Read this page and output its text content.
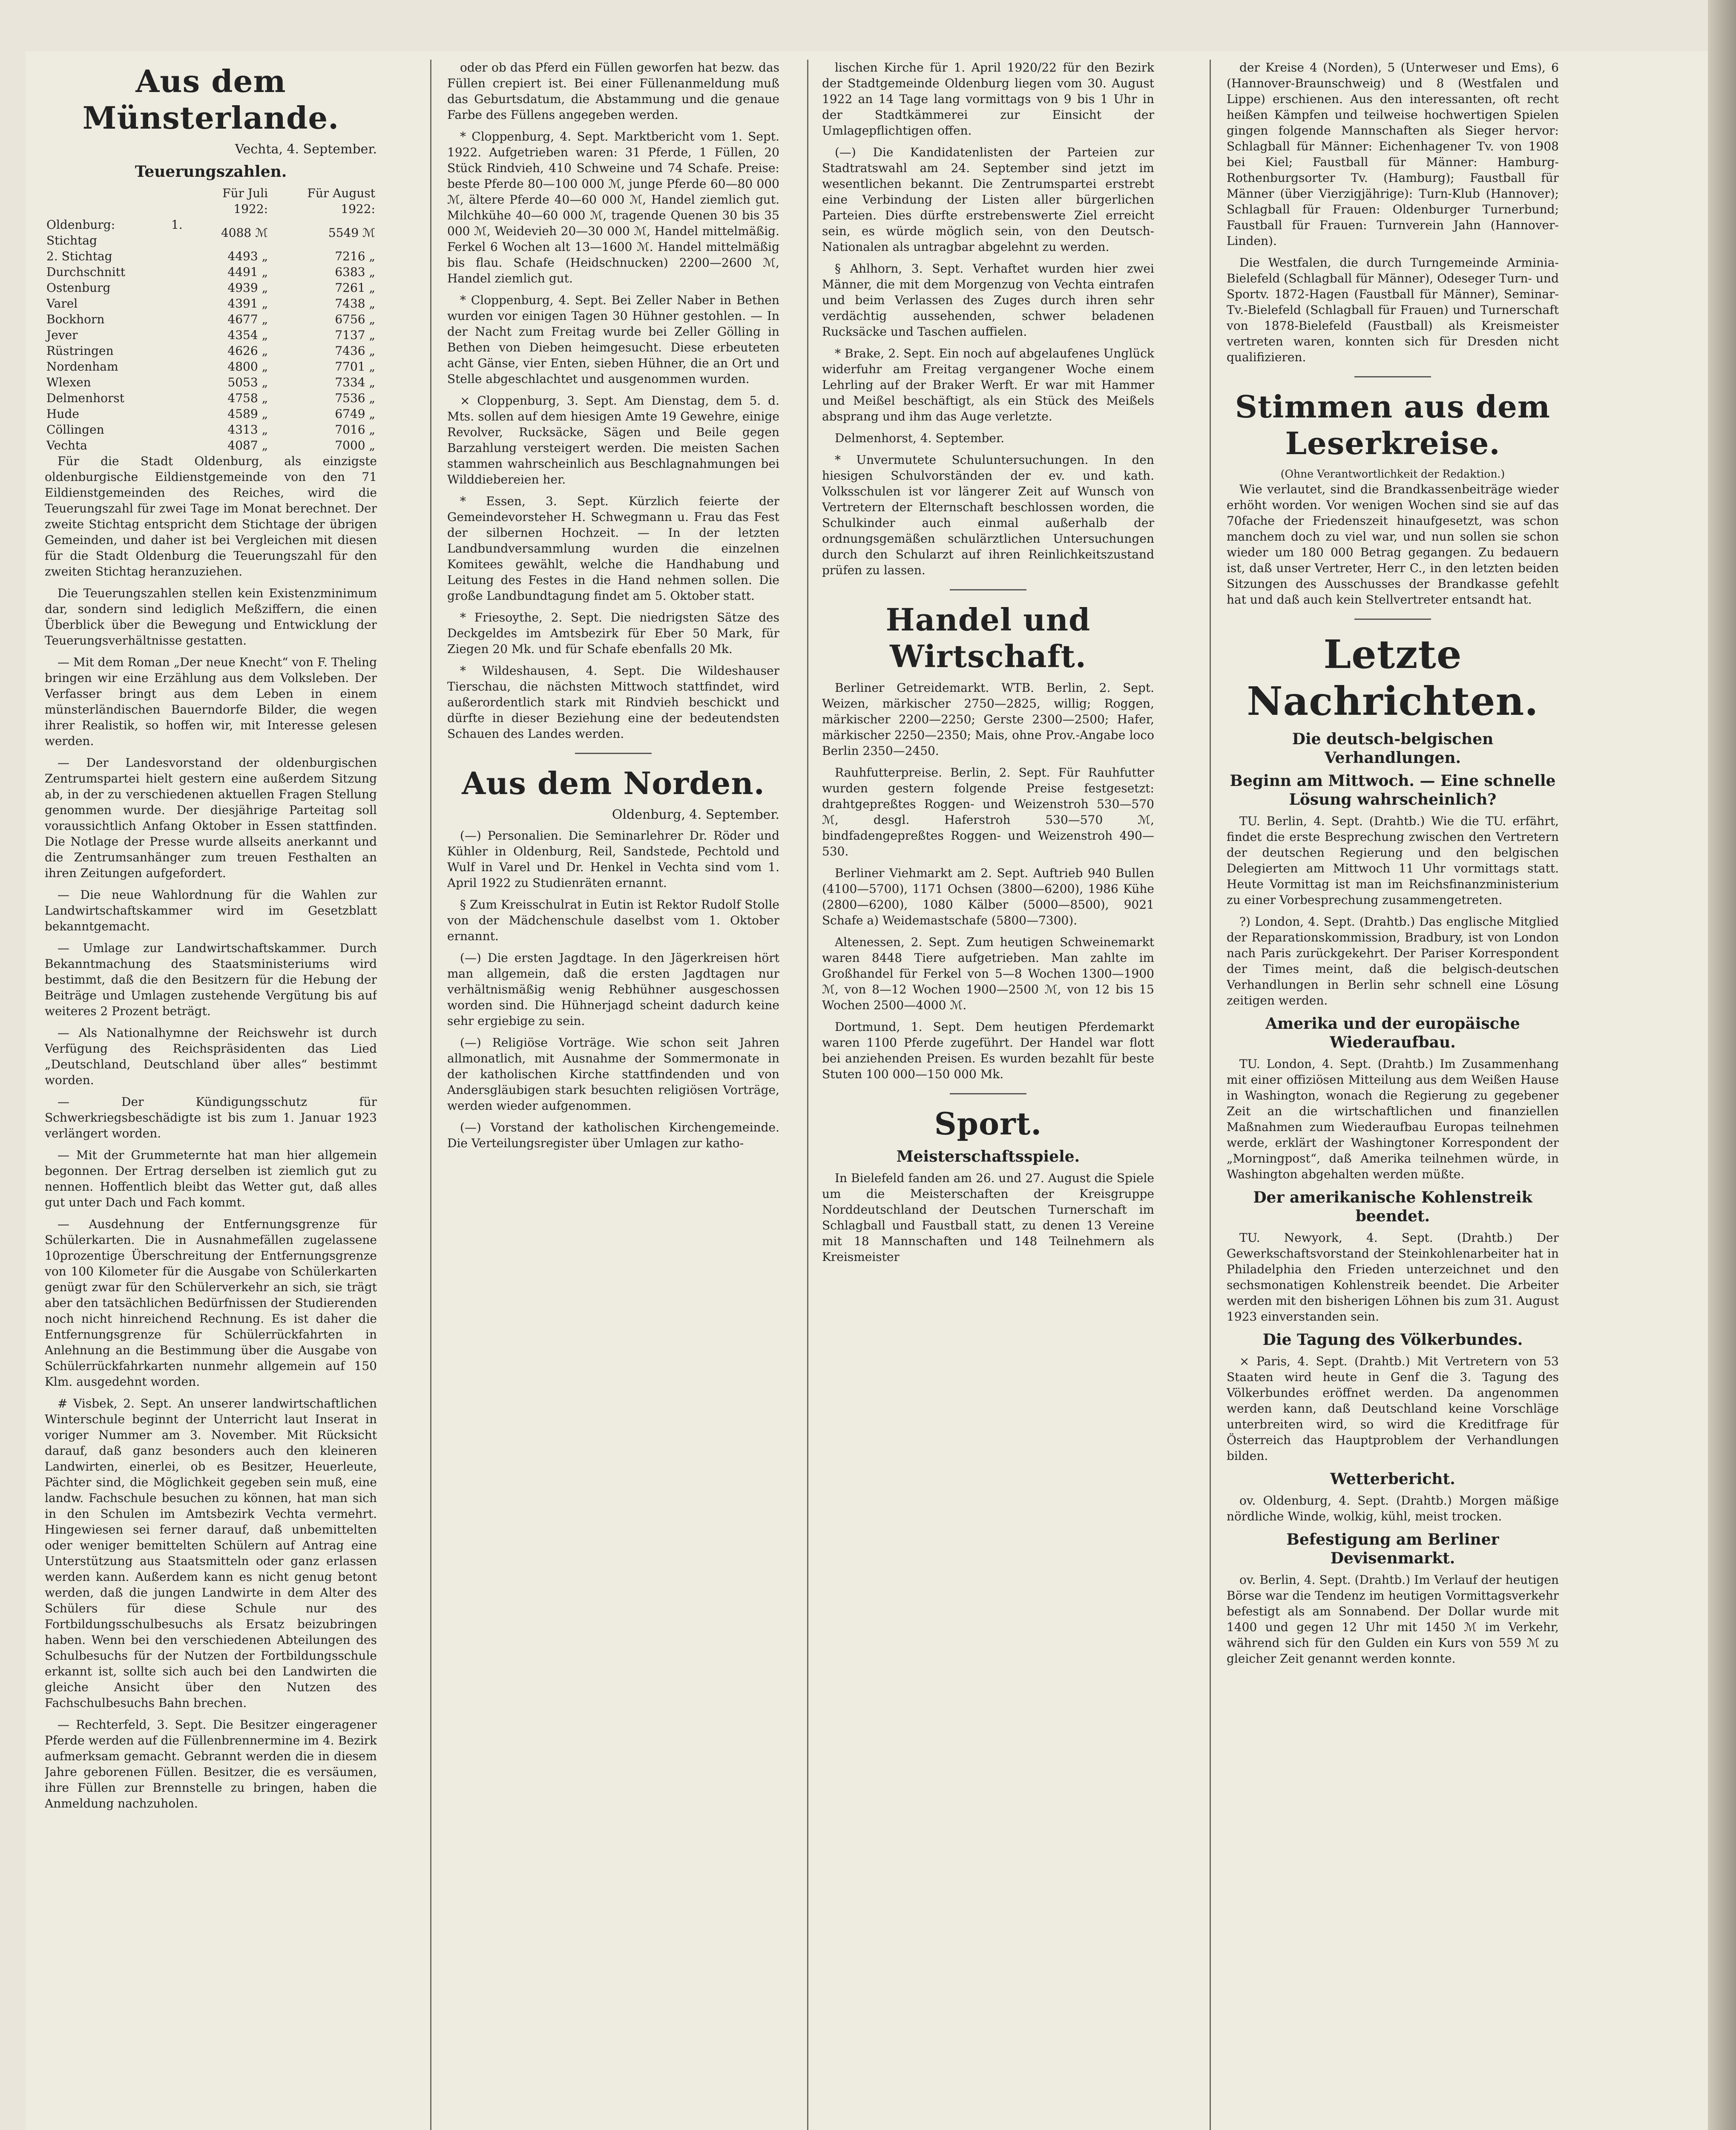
Aus dem Münsterlande.
Vechta, 4. September.
Teuerungszahlen.
	Für Juli 1922:	Für August 1922:
Oldenburg: 1. Stichtag	4088 ℳ	5549 ℳ
2. Stichtag	4493 „	7216 „
Durchschnitt	4491 „	6383 „
Ostenburg	4939 „	7261 „
Varel	4391 „	7438 „
Bockhorn	4677 „	6756 „
Jever	4354 „	7137 „
Rüstringen	4626 „	7436 „
Nordenham	4800 „	7701 „
Wlexen	5053 „	7334 „
Delmenhorst	4758 „	7536 „
Hude	4589 „	6749 „
Cöllingen	4313 „	7016 „
Vechta	4087 „	7000 „

Für die Stadt Oldenburg, als einzigste oldenburgische Eildienstgemeinde von den 71 Eildienstgemeinden des Reiches, wird die Teuerungszahl für zwei Tage im Monat berechnet. Der zweite Stichtag entspricht dem Stichtage der übrigen Gemeinden, und daher ist bei Vergleichen mit diesen für die Stadt Oldenburg die Teuerungszahl für den zweiten Stichtag heranzuziehen.

Die Teuerungszahlen stellen kein Existenzminimum dar, sondern sind lediglich Meßziffern, die einen Überblick über die Bewegung und Entwicklung der Teuerungsverhältnisse gestatten.

— Mit dem Roman „Der neue Knecht“ von F. Theling bringen wir eine Erzählung aus dem Volksleben. Der Verfasser bringt aus dem Leben in einem münsterländischen Bauerndorfe Bilder, die wegen ihrer Realistik, so hoffen wir, mit Interesse gelesen werden.

— Der Landesvorstand der oldenburgischen Zentrumspartei hielt gestern eine außerdem Sitzung ab, in der zu verschiedenen aktuellen Fragen Stellung genommen wurde. Der diesjährige Parteitag soll voraussichtlich Anfang Oktober in Essen stattfinden. Die Notlage der Presse wurde allseits anerkannt und die Zentrumsanhänger zum treuen Festhalten an ihren Zeitungen aufgefordert.

— Die neue Wahlordnung für die Wahlen zur Landwirtschaftskammer wird im Gesetzblatt bekanntgemacht.

— Umlage zur Landwirtschaftskammer. Durch Bekanntmachung des Staatsministeriums wird bestimmt, daß die den Besitzern für die Hebung der Beiträge und Umlagen zustehende Vergütung bis auf weiteres 2 Prozent beträgt.

— Als Nationalhymne der Reichswehr ist durch Verfügung des Reichspräsidenten das Lied „Deutschland, Deutschland über alles“ bestimmt worden.

— Der Kündigungsschutz für Schwerkriegsbeschädigte ist bis zum 1. Januar 1923 verlängert worden.

— Mit der Grummeternte hat man hier allgemein begonnen. Der Ertrag derselben ist ziemlich gut zu nennen. Hoffentlich bleibt das Wetter gut, daß alles gut unter Dach und Fach kommt.

— Ausdehnung der Entfernungsgrenze für Schülerkarten. Die in Ausnahmefällen zugelassene 10prozentige Überschreitung der Entfernungsgrenze von 100 Kilometer für die Ausgabe von Schülerkarten genügt zwar für den Schülerverkehr an sich, sie trägt aber den tatsächlichen Bedürfnissen der Studierenden noch nicht hinreichend Rechnung. Es ist daher die Entfernungsgrenze für Schülerrückfahrten in Anlehnung an die Bestimmung über die Ausgabe von Schülerrückfahrkarten nunmehr allgemein auf 150 Klm. ausgedehnt worden.

# Visbek, 2. Sept. An unserer landwirtschaftlichen Winterschule beginnt der Unterricht laut Inserat in voriger Nummer am 3. November. Mit Rücksicht darauf, daß ganz besonders auch den kleineren Landwirten, einerlei, ob es Besitzer, Heuerleute, Pächter sind, die Möglichkeit gegeben sein muß, eine landw. Fachschule besuchen zu können, hat man sich in den Schulen im Amtsbezirk Vechta vermehrt. Hingewiesen sei ferner darauf, daß unbemittelten oder weniger bemittelten Schülern auf Antrag eine Unterstützung aus Staatsmitteln oder ganz erlassen werden kann. Außerdem kann es nicht genug betont werden, daß die jungen Landwirte in dem Alter des Schülers für diese Schule nur des Fortbildungsschulbesuchs als Ersatz beizubringen haben. Wenn bei den verschiedenen Abteilungen des Schulbesuchs für der Nutzen der Fortbildungsschule erkannt ist, sollte sich auch bei den Landwirten die gleiche Ansicht über den Nutzen des Fachschulbesuchs Bahn brechen.

— Rechterfeld, 3. Sept. Die Besitzer eingeragener Pferde werden auf die Füllenbrennermine im 4. Bezirk aufmerksam gemacht. Gebrannt werden die in diesem Jahre geborenen Füllen. Besitzer, die es versäumen, ihre Füllen zur Brennstelle zu bringen, haben die Anmeldung nachzuholen.

oder ob das Pferd ein Füllen geworfen hat bezw. das Füllen crepiert ist. Bei einer Füllenanmeldung muß das Geburtsdatum, die Abstammung und die genaue Farbe des Füllens angegeben werden.

* Cloppenburg, 4. Sept. Marktbericht vom 1. Sept. 1922. Aufgetrieben waren: 31 Pferde, 1 Füllen, 20 Stück Rindvieh, 410 Schweine und 74 Schafe. Preise: beste Pferde 80—100 000 ℳ, junge Pferde 60—80 000 ℳ, ältere Pferde 40—60 000 ℳ, Handel ziemlich gut. Milchkühe 40—60 000 ℳ, tragende Quenen 30 bis 35 000 ℳ, Weidevieh 20—30 000 ℳ, Handel mittelmäßig. Ferkel 6 Wochen alt 13—1600 ℳ. Handel mittelmäßig bis flau. Schafe (Heidschnucken) 2200—2600 ℳ, Handel ziemlich gut.

* Cloppenburg, 4. Sept. Bei Zeller Naber in Bethen wurden vor einigen Tagen 30 Hühner gestohlen. — In der Nacht zum Freitag wurde bei Zeller Gölling in Bethen von Dieben heimgesucht. Diese erbeuteten acht Gänse, vier Enten, sieben Hühner, die an Ort und Stelle abgeschlachtet und ausgenommen wurden.

× Cloppenburg, 3. Sept. Am Dienstag, dem 5. d. Mts. sollen auf dem hiesigen Amte 19 Gewehre, einige Revolver, Rucksäcke, Sägen und Beile gegen Barzahlung versteigert werden. Die meisten Sachen stammen wahrscheinlich aus Beschlagnahmungen bei Wilddiebereien her.

* Essen, 3. Sept. Kürzlich feierte der Gemeindevorsteher H. Schwegmann u. Frau das Fest der silbernen Hochzeit. — In der letzten Landbundversammlung wurden die einzelnen Komitees gewählt, welche die Handhabung und Leitung des Festes in die Hand nehmen sollen. Die große Landbundtagung findet am 5. Oktober statt.

* Friesoythe, 2. Sept. Die niedrigsten Sätze des Deckgeldes im Amtsbezirk für Eber 50 Mark, für Ziegen 20 Mk. und für Schafe ebenfalls 20 Mk.

* Wildeshausen, 4. Sept. Die Wildeshauser Tierschau, die nächsten Mittwoch stattfindet, wird außerordentlich stark mit Rindvieh beschickt und dürfte in dieser Beziehung eine der bedeutendsten Schauen des Landes werden.

Aus dem Norden.
Oldenburg, 4. September.

(—) Personalien. Die Seminarlehrer Dr. Röder und Kühler in Oldenburg, Reil, Sandstede, Pechtold und Wulf in Varel und Dr. Henkel in Vechta sind vom 1. April 1922 zu Studienräten ernannt.

§ Zum Kreisschulrat in Eutin ist Rektor Rudolf Stolle von der Mädchenschule daselbst vom 1. Oktober ernannt.

(—) Die ersten Jagdtage. In den Jägerkreisen hört man allgemein, daß die ersten Jagdtagen nur verhältnismäßig wenig Rebhühner ausgeschossen worden sind. Die Hühnerjagd scheint dadurch keine sehr ergiebige zu sein.

(—) Religiöse Vorträge. Wie schon seit Jahren allmonatlich, mit Ausnahme der Sommermonate in der katholischen Kirche stattfindenden und von Andersgläubigen stark besuchten religiösen Vorträge, werden wieder aufgenommen.

(—) Vorstand der katholischen Kirchengemeinde. Die Verteilungsregister über Umlagen zur katho-

lischen Kirche für 1. April 1920/22 für den Bezirk der Stadtgemeinde Oldenburg liegen vom 30. August 1922 an 14 Tage lang vormittags von 9 bis 1 Uhr in der Stadtkämmerei zur Einsicht der Umlagepflichtigen offen.

(—) Die Kandidatenlisten der Parteien zur Stadtratswahl am 24. September sind jetzt im wesentlichen bekannt. Die Zentrumspartei erstrebt eine Verbindung der Listen aller bürgerlichen Parteien. Dies dürfte erstrebenswerte Ziel erreicht sein, es würde möglich sein, von den Deutsch-Nationalen als untragbar abgelehnt zu werden.

§ Ahlhorn, 3. Sept. Verhaftet wurden hier zwei Männer, die mit dem Morgenzug von Vechta eintrafen und beim Verlassen des Zuges durch ihren sehr verdächtig aussehenden, schwer beladenen Rucksäcke und Taschen auffielen.

* Brake, 2. Sept. Ein noch auf abgelaufenes Unglück widerfuhr am Freitag vergangener Woche einem Lehrling auf der Braker Werft. Er war mit Hammer und Meißel beschäftigt, als ein Stück des Meißels absprang und ihm das Auge verletzte.

Delmenhorst, 4. September.

* Unvermutete Schuluntersuchungen. In den hiesigen Schulvorständen der ev. und kath. Volksschulen ist vor längerer Zeit auf Wunsch von Vertretern der Elternschaft beschlossen worden, die Schulkinder auch einmal außerhalb der ordnungsgemäßen schulärztlichen Untersuchungen durch den Schularzt auf ihren Reinlichkeitszustand prüfen zu lassen.

Handel und Wirtschaft.

Berliner Getreidemarkt. WTB. Berlin, 2. Sept. Weizen, märkischer 2750—2825, willig; Roggen, märkischer 2200—2250; Gerste 2300—2500; Hafer, märkischer 2250—2350; Mais, ohne Prov.-Angabe loco Berlin 2350—2450.

Rauhfutterpreise. Berlin, 2. Sept. Für Rauhfutter wurden gestern folgende Preise festgesetzt: drahtgepreßtes Roggen- und Weizenstroh 530—570 ℳ, desgl. Haferstroh 530—570 ℳ, bindfadengepreßtes Roggen- und Weizenstroh 490—530.

Berliner Viehmarkt am 2. Sept. Auftrieb 940 Bullen (4100—5700), 1171 Ochsen (3800—6200), 1986 Kühe (2800—6200), 1080 Kälber (5000—8500), 9021 Schafe a) Weidemastschafe (5800—7300).

Altenessen, 2. Sept. Zum heutigen Schweinemarkt waren 8448 Tiere aufgetrieben. Man zahlte im Großhandel für Ferkel von 5—8 Wochen 1300—1900 ℳ, von 8—12 Wochen 1900—2500 ℳ, von 12 bis 15 Wochen 2500—4000 ℳ.

Dortmund, 1. Sept. Dem heutigen Pferdemarkt waren 1100 Pferde zugeführt. Der Handel war flott bei anziehenden Preisen. Es wurden bezahlt für beste Stuten 100 000—150 000 Mk.

Sport.
Meisterschaftsspiele.

In Bielefeld fanden am 26. und 27. August die Spiele um die Meisterschaften der Kreisgruppe Norddeutschland der Deutschen Turnerschaft im Schlagball und Faustball statt, zu denen 13 Vereine mit 18 Mannschaften und 148 Teilnehmern als Kreismeister

der Kreise 4 (Norden), 5 (Unterweser und Ems), 6 (Hannover-Braunschweig) und 8 (Westfalen und Lippe) erschienen. Aus den interessanten, oft recht heißen Kämpfen und teilweise hochwertigen Spielen gingen folgende Mannschaften als Sieger hervor: Schlagball für Männer: Eichenhagener Tv. von 1908 bei Kiel; Faustball für Männer: Hamburg-Rothenburgsorter Tv. (Hamburg); Faustball für Männer (über Vierzigjährige): Turn-Klub (Hannover); Schlagball für Frauen: Oldenburger Turnerbund; Faustball für Frauen: Turnverein Jahn (Hannover-Linden).

Die Westfalen, die durch Turngemeinde Arminia-Bielefeld (Schlagball für Männer), Odeseger Turn- und Sportv. 1872-Hagen (Faustball für Männer), Seminar-Tv.-Bielefeld (Schlagball für Frauen) und Turnerschaft von 1878-Bielefeld (Faustball) als Kreismeister vertreten waren, konnten sich für Dresden nicht qualifizieren.

Stimmen aus dem Leserkreise.
(Ohne Verantwortlichkeit der Redaktion.)

Wie verlautet, sind die Brandkassenbeiträge wieder erhöht worden. Vor wenigen Wochen sind sie auf das 70fache der Friedenszeit hinaufgesetzt, was schon manchem doch zu viel war, und nun sollen sie schon wieder um 180 000 Betrag gegangen. Zu bedauern ist, daß unser Vertreter, Herr C., in den letzten beiden Sitzungen des Ausschusses der Brandkasse gefehlt hat und daß auch kein Stellvertreter entsandt hat.

Letzte Nachrichten.
Die deutsch-belgischen Verhandlungen.
Beginn am Mittwoch. — Eine schnelle Lösung wahrscheinlich?

TU. Berlin, 4. Sept. (Drahtb.) Wie die TU. erfährt, findet die erste Besprechung zwischen den Vertretern der deutschen Regierung und den belgischen Delegierten am Mittwoch 11 Uhr vormittags statt. Heute Vormittag ist man im Reichsfinanzministerium zu einer Vorbesprechung zusammengetreten.

?) London, 4. Sept. (Drahtb.) Das englische Mitglied der Reparationskommission, Bradbury, ist von London nach Paris zurückgekehrt. Der Pariser Korrespondent der Times meint, daß die belgisch-deutschen Verhandlungen in Berlin sehr schnell eine Lösung zeitigen werden.

Amerika und der europäische Wiederaufbau.

TU. London, 4. Sept. (Drahtb.) Im Zusammenhang mit einer offiziösen Mitteilung aus dem Weißen Hause in Washington, wonach die Regierung zu gegebener Zeit an die wirtschaftlichen und finanziellen Maßnahmen zum Wiederaufbau Europas teilnehmen werde, erklärt der Washingtoner Korrespondent der „Morningpost“, daß Amerika teilnehmen würde, in Washington abgehalten werden müßte.

Der amerikanische Kohlenstreik beendet.

TU. Newyork, 4. Sept. (Drahtb.) Der Gewerkschaftsvorstand der Steinkohlenarbeiter hat in Philadelphia den Frieden unterzeichnet und den sechsmonatigen Kohlenstreik beendet. Die Arbeiter werden mit den bisherigen Löhnen bis zum 31. August 1923 einverstanden sein.

Die Tagung des Völkerbundes.

× Paris, 4. Sept. (Drahtb.) Mit Vertretern von 53 Staaten wird heute in Genf die 3. Tagung des Völkerbundes eröffnet werden. Da angenommen werden kann, daß Deutschland keine Vorschläge unterbreiten wird, so wird die Kreditfrage für Österreich das Hauptproblem der Verhandlungen bilden.

Wetterbericht.

ov. Oldenburg, 4. Sept. (Drahtb.) Morgen mäßige nördliche Winde, wolkig, kühl, meist trocken.

Befestigung am Berliner Devisenmarkt.

ov. Berlin, 4. Sept. (Drahtb.) Im Verlauf der heutigen Börse war die Tendenz im heutigen Vormittagsverkehr befestigt als am Sonnabend. Der Dollar wurde mit 1400 und gegen 12 Uhr mit 1450 ℳ im Verkehr, während sich für den Gulden ein Kurs von 559 ℳ zu gleicher Zeit genannt werden konnte.
